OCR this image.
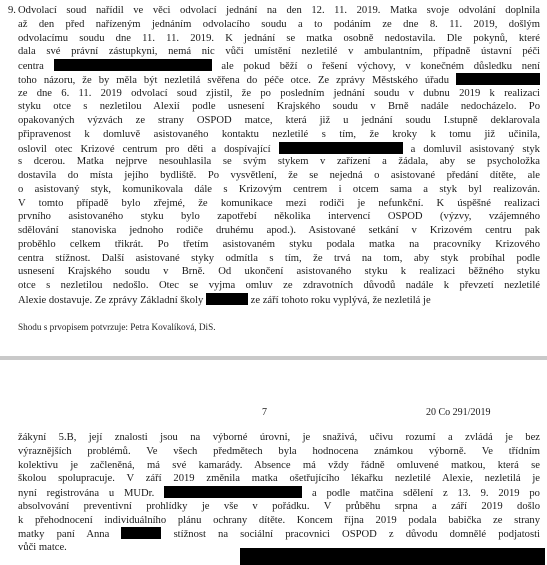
9. Odvolací soud nařídil ve věci odvolací jednání na den 12. 11. 2019. Matka svoje odvolání doplnila
až den před nařízeným jednáním odvolacího soudu a to podáním ze dne 8. 11. 2019, došlým
odvolacímu soudu dne 11. 11. 2019. K jednání se matka osobně nedostavila. Dle pokynů, které
dala své právní zástupkyni, nemá nic vůči umístění nezletilé v ambulantním, případně ústavní péči
centra	ale pokud běží o řešení výchovy, v konečném důsledku není
toho názoru, že by měla být nezletilá svěřena do péče otce. Ze zprávy Městského úřadu
ze dne 6. 11. 2019 odvolací soud zjistil, že po posledním jednání soudu v dubnu 2019 k realizaci
styku otce s nezletilou Alexií podle usnesení Krajského soudu v Brně nadále nedocházelo. Po
opakovaných výzvách ze strany OSPOD matce, která již u jednání soudu I.stupně deklarovala
připravenost k domluvě asistovaného kontaktu nezletilé s tím, že kroky k tomu již učinila,
oslovil otec Krizové centrum pro děti a dospívající	a domluvil asistovaný styk
s dcerou. Matka nejprve nesouhlasila se svým stykem v zařízení a žádala, aby se psycholožka
dostavila do místa jejího bydliště. Po vysvětlení, že se nejedná o asistované předání dítěte, ale
o asistovaný styk, komunikovala dále s Krizovým centrem i otcem sama a styk byl realizován.
V tomto případě bylo zřejmé, že komunikace mezi rodiči je nefunkční. K úspěšné realizaci
prvního asistovaného styku bylo zapotřebí několika intervencí OSPOD (výzvy, vzájemného
sdělování stanoviska jednoho rodiče druhému apod.). Asistované setkání v Krizovém centru pak
proběhlo celkem třikrát. Po třetím asistovaném styku podala matka na pracovníky Krizového
centra stížnost. Další asistované styky odmítla s tím, že trvá na tom, aby styk probíhal podle
usnesení Krajského soudu v Brně. Od ukončení asistovaného styku k realizaci běžného styku
otce s nezletilou nedošlo. Otec se vyjma omluv ze zdravotních důvodů nadále k převzetí nezletilé
Alexie dostavuje. Ze zprávy Základní školy	ze září tohoto roku vyplývá, že nezletilá je
Shodu s prvopisem potvrzuje: Petra Kovalíková, DiS.
7	20 Co 291/2019
žákyní 5.B, její znalosti jsou na výborné úrovni, je snaživá, učivu rozumí a zvládá je bez
výraznějších problémů. Ve všech předmětech byla hodnocena známkou výborně. Ve třídním
kolektivu je začleněná, má své kamarády. Absence má vždy řádně omluvené matkou, která se
školou spolupracuje. V září 2019 změnila matka ošetřujícího lékařku nezletilé Alexie, nezletilá je
nyní registrována u MUDr.	a podle matčina sdělení z 13. 9. 2019 po
absolvování preventivní prohlídky je vše v pořádku. V průběhu srpna a září 2019 došlo
k přehodnocení individuálního plánu ochrany dítěte. Koncem října 2019 podala babička ze strany
matky paní Anna	stížnost na sociální pracovnici OSPOD z důvodu domnělé podjatosti
vůči matce.
